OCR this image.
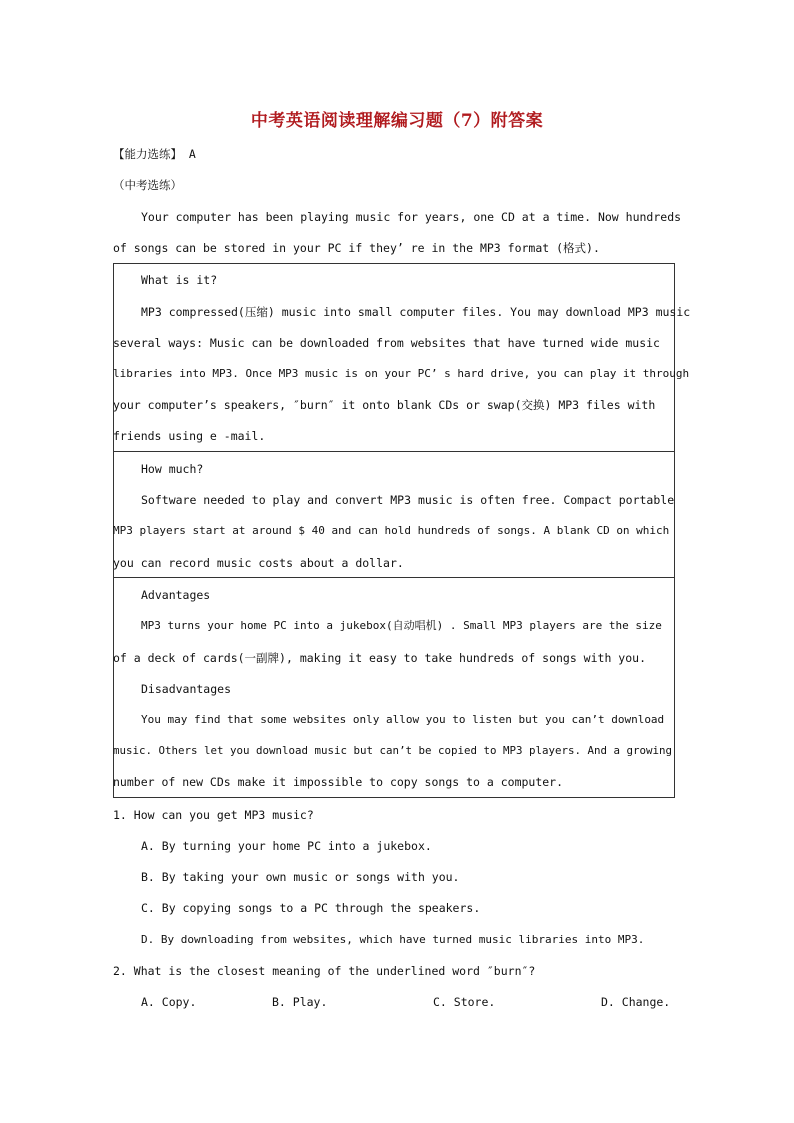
中考英语阅读理解编习题（7）附答案
【能力选练】 A
（中考选练）
Your computer has been playing music for years, one CD at a time. Now hundreds
of songs can be stored in your PC if they’ re in the MP3 format (格式).
What is it?
MP3 compressed(压缩) music into small computer files. You may download MP3 music
several ways: Music can be downloaded from websites that have turned wide music
libraries into MP3. Once MP3 music is on your PC’ s hard drive, you can play it through
your computer’s speakers, ″burn″ it onto blank CDs or swap(交换) MP3 files with
friends using e -mail.
How much?
Software needed to play and convert MP3 music is often free. Compact portable
MP3 players start at around $ 40 and can hold hundreds of songs. A blank CD on which
you can record music costs about a dollar.
Advantages
MP3 turns your home PC into a jukebox(自动唱机) . Small MP3 players are the size
of a deck of cards(一副牌), making it easy to take hundreds of songs with you.
Disadvantages
You may find that some websites only allow you to listen but you can’t download
music. Others let you download music but can’t be copied to MP3 players. And a growing
number of new CDs make it impossible to copy songs to a computer.
1. How can you get MP3 music?
A. By turning your home PC into a jukebox.
B. By taking your own music or songs with you.
C. By copying songs to a PC through the speakers.
D. By downloading from websites, which have turned music libraries into MP3.
2. What is the closest meaning of the underlined word ″burn″?
A. Copy.	B. Play.	C. Store.	D. Change.
